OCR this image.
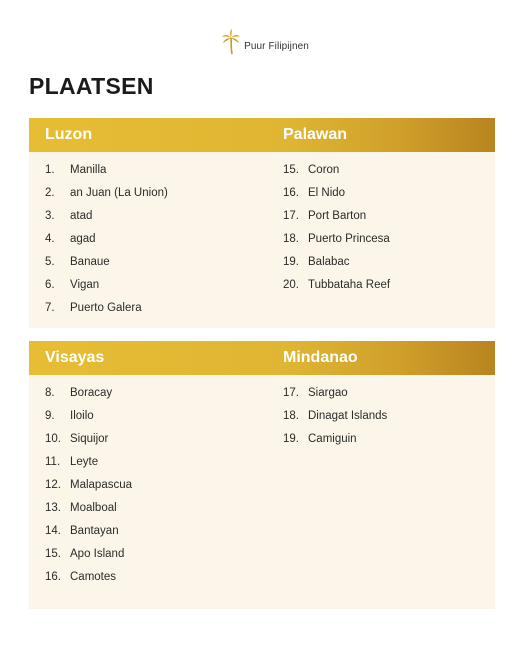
Puur Filipijnen
PLAATSEN
Luzon	Palawan
1.	Manilla
2.	an Juan (La Union)
3.	atad
4.	agad
5.	Banaue
6.	Vigan
7.	Puerto Galera
15. Coron
16. El Nido
17. Port Barton
18. Puerto Princesa
19. Balabac
20. Tubbataha Reef
Visayas	Mindanao
8.	Boracay
9.	Iloilo
10. Siquijor
11. Leyte
12. Malapascua
13. Moalboal
14. Bantayan
15. Apo Island
16. Camotes
17. Siargao
18. Dinagat Islands
19. Camiguin
